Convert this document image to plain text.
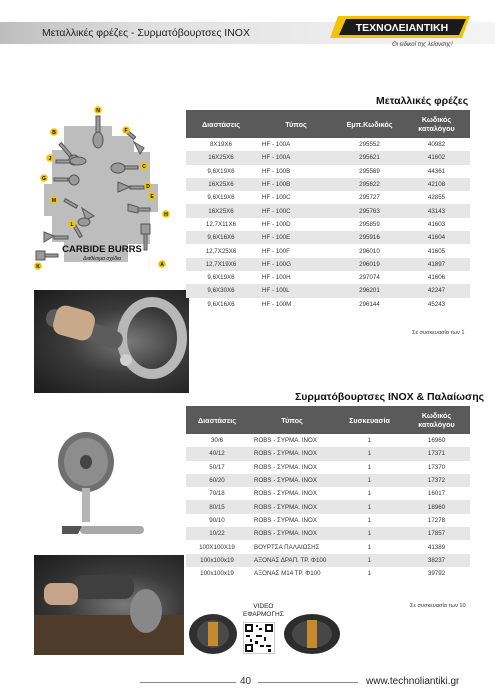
Μεταλλικές φρέζες - Συρματόβουρτσες INOX	ΤΕΧΝΟΛΕΙΑΝΤΙΚΗ
Οι ειδικοί της λείανσης!
N
B	F
J
G
C
D
M
E
H
L
A
K
CARBIDE BURRS
Διαθέσιμα σχέδια
Μεταλλικές φρέζες
Διαστάσεις	Τύπος	Εμπ.Κωδικός	Κωδικός καταλόγου
8X19X6	HF - 100A	295552	40982
16X25X6	HF - 100A	295621	41602
9,6X19X6	HF - 100B	295569	44361
16X25X6	HF - 100B	295622	42108
9,6X19X6	HF - 100C	295727	42855
16X25X6	HF - 100C	295763	43143
12,7X11X6	HF - 100D	295859	41603
9,6X16X6	HF - 100E	295916	41604
12,7X25X6	HF - 100F	296010	41605
12,7X19X6	HF - 100G	296019	41897
9,6X19X6	HF - 100H	297074	41606
9,6X30X6	HF - 100L	296201	42247
9,6X16X6	HF - 100M	296144	45243
Σε συσκευασία των 1
Συρματόβουρτσες INOX & Παλαίωσης
Διαστάσεις	Τύπος	Συσκευασία	Κωδικός καταλόγου
30/6	ROBS - ΣΥΡΜΑ. INOX	1	16960
40/12	ROBS - ΣΥΡΜΑ. INOX	1	17371
50/17	ROBS - ΣΥΡΜΑ. INOX	1	17370
60/20	ROBS - ΣΥΡΜΑ. INOX	1	17372
70/18	ROBS - ΣΥΡΜΑ. INOX	1	16017
80/15	ROBS - ΣΥΡΜΑ. INOX	1	18960
90/10	ROBS - ΣΥΡΜΑ. INOX	1	17278
10/22	ROBS - ΣΥΡΜΑ. INOX	1	17857
100X100X19	ΒΟΥΡΤΣΑ ΠΑΛΑΙΩΣΗΣ	1	41389
100x100x19	ΑΞΟΝΑΣ ΔΡΑΠ. ΤΡ. Φ100	1	38237
100x100x19	ΑΞΟΝΑΣ Μ14 ΤΡ. Φ100	1	39792
Σε συσκευασία των 10
VIDEO
ΕΦΑΡΜΟΓΗΣ
40	www.technoliantiki.gr
